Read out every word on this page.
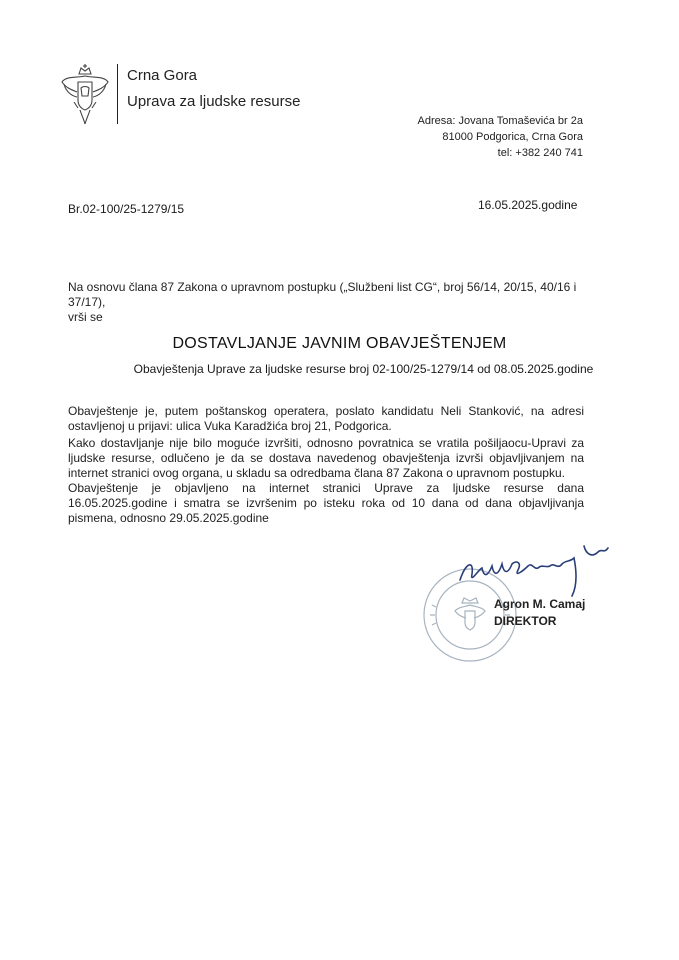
Crna Gora
Uprava za ljudske resurse
Adresa: Jovana Tomaševića br 2a
81000 Podgorica, Crna Gora
tel: +382 240 741
Br.02-100/25-1279/15	16.05.2025.godine
Na osnovu člana 87 Zakona o upravnom postupku („Službeni list CG“, broj 56/14, 20/15, 40/16 i 37/17),
vrši se
DOSTAVLJANJE JAVNIM OBAVJEŠTENJEM
Obavještenja Uprave za ljudske resurse broj 02-100/25-1279/14 od 08.05.2025.godine

Obavještenje je, putem poštanskog operatera, poslato kandidatu Neli Stanković, na adresi ostavljenoj u prijavi: ulica Vuka Karadžića broj 21, Podgorica.

Kako dostavljanje nije bilo moguće izvršiti, odnosno povratnica se vratila pošiljaocu-Upravi za ljudske resurse, odlučeno je da se dostava navedenog obavještenja izvrši objavljivanjem na internet stranici ovog organa, u skladu sa odredbama člana 87 Zakona o upravnom postupku.

Obavještenje je objavljeno na internet stranici Uprave za ljudske resurse dana 16.05.2025.godine i smatra se izvršenim po isteku roka od 10 dana od dana objavljivanja pismena, odnosno 29.05.2025.godine

Agron M. Camaj
DIREKTOR
